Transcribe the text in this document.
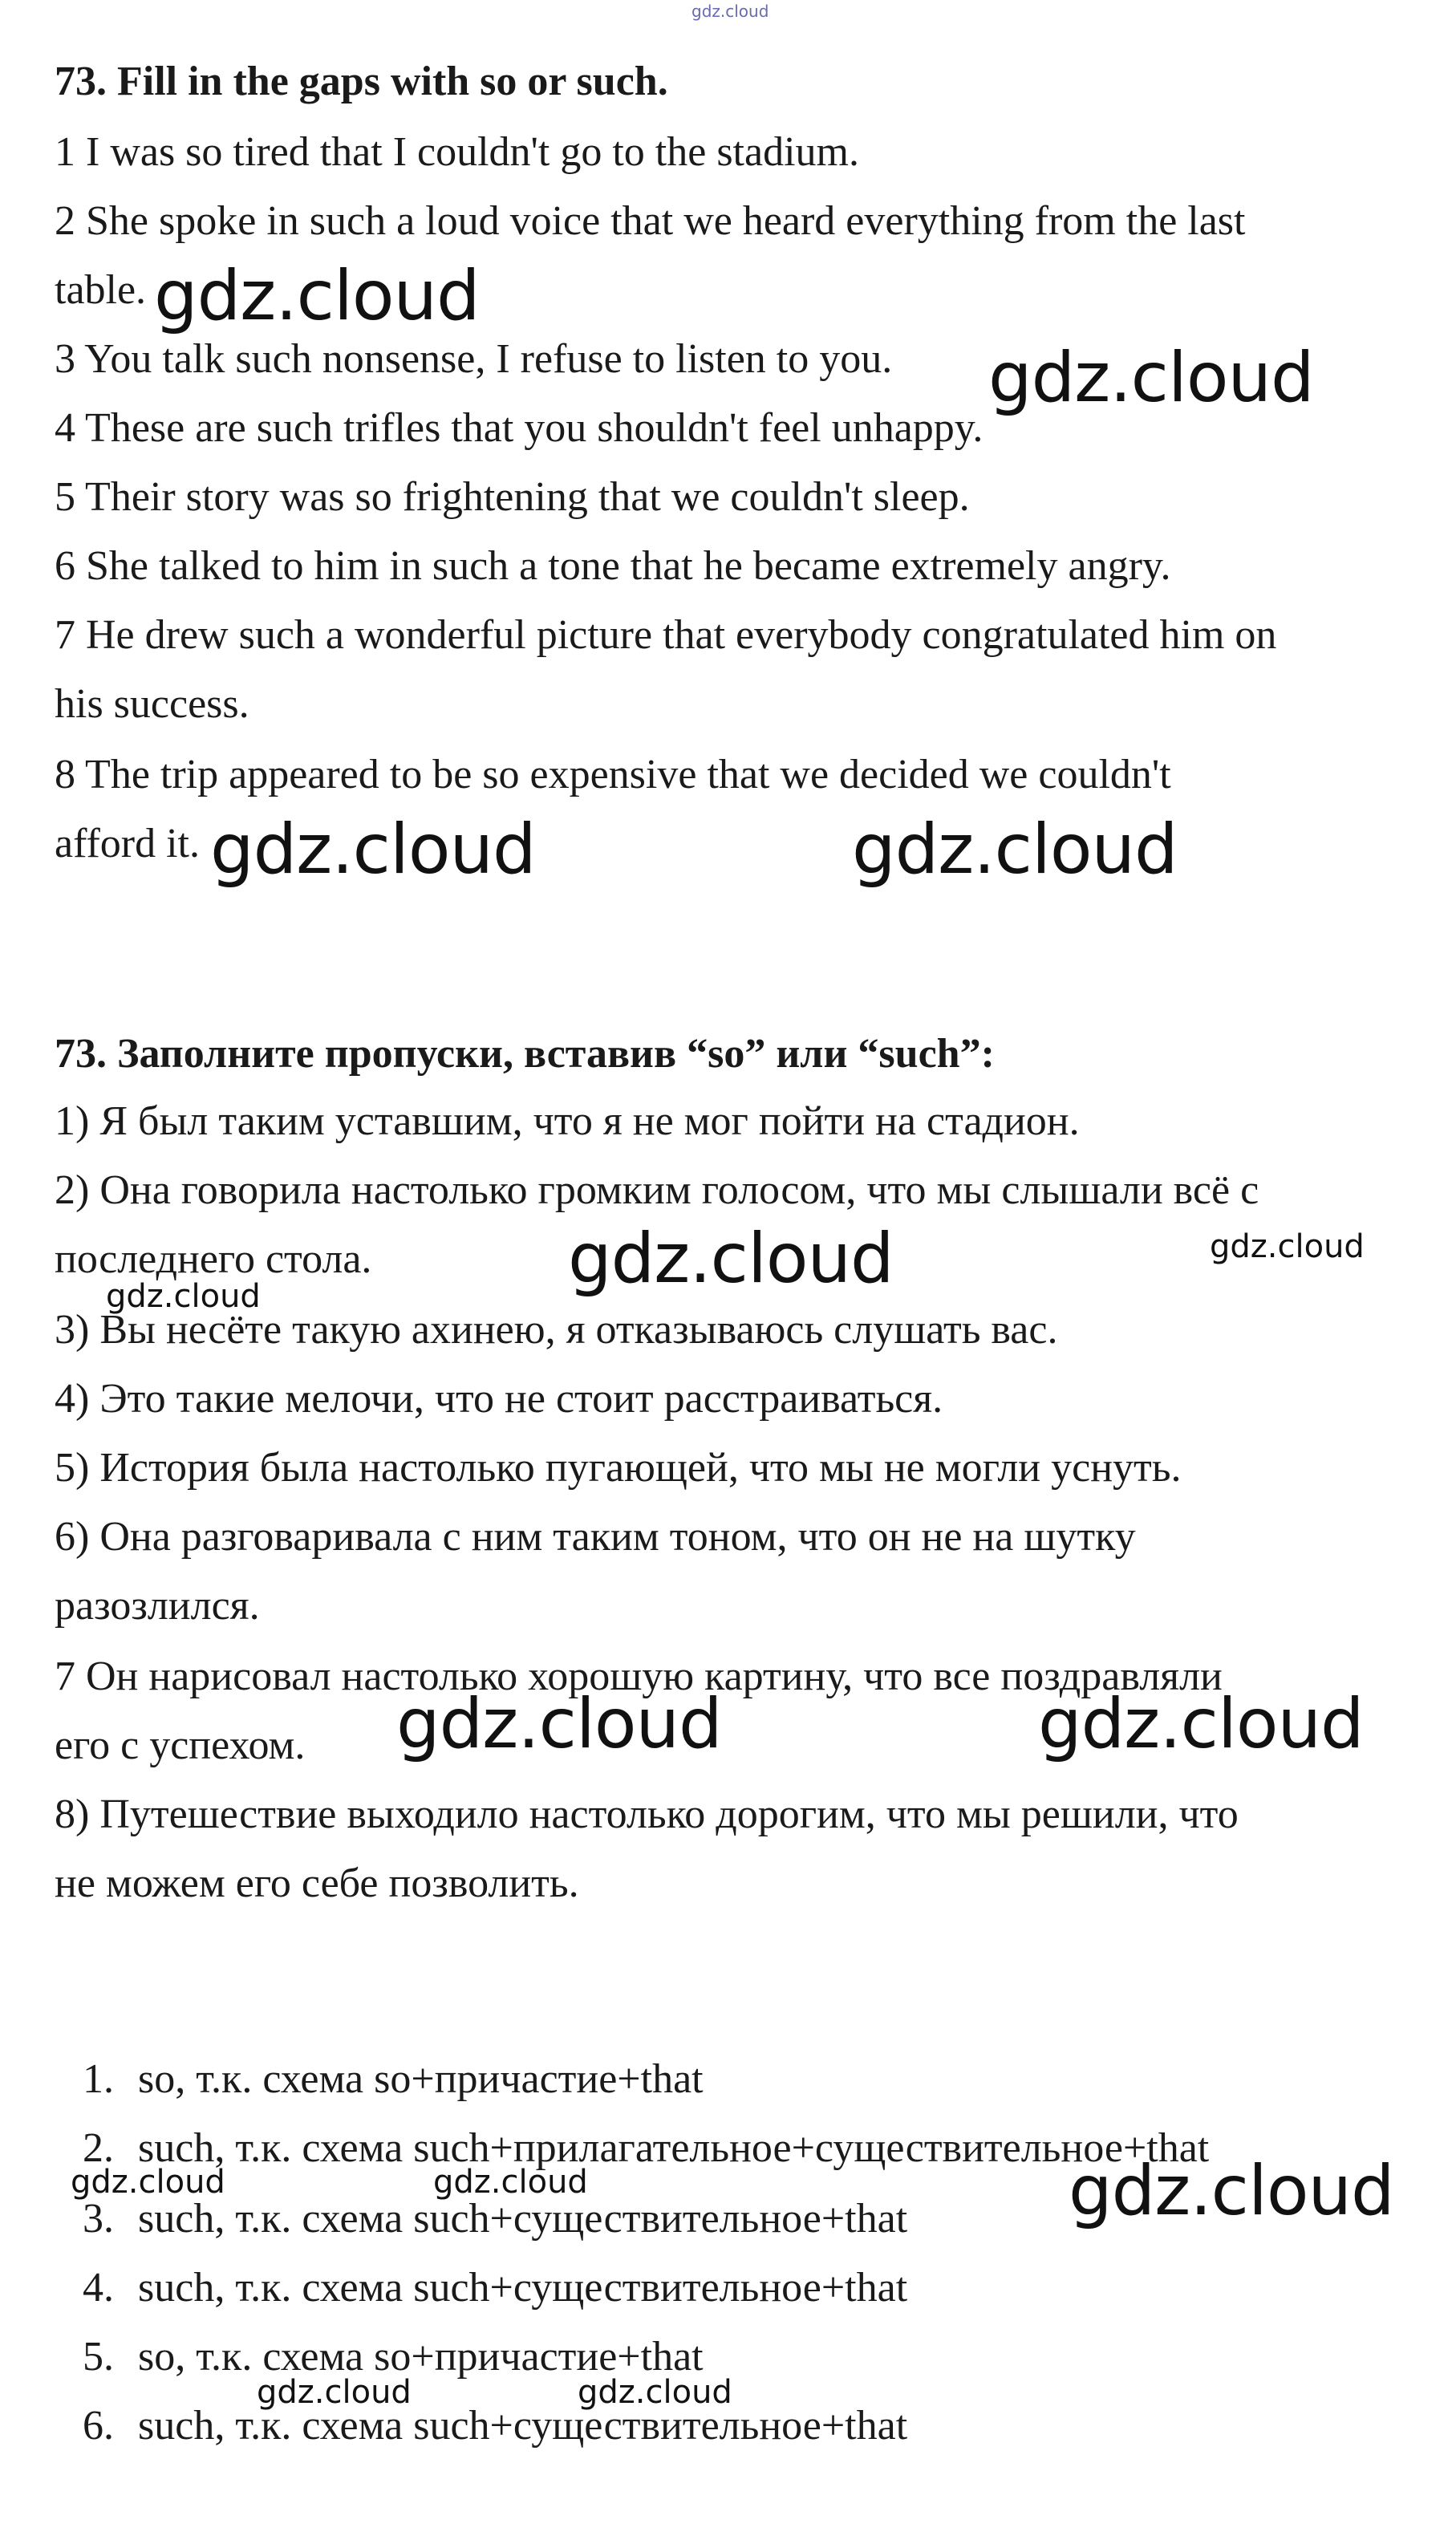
gdz.cloud
73. Fill in the gaps with so or such.
1 I was so tired that I couldn't go to the stadium.
2 She spoke in such a loud voice that we heard everything from the last
table.
3 You talk such nonsense, I refuse to listen to you.
4 These are such trifles that you shouldn't feel unhappy.
5 Their story was so frightening that we couldn't sleep.
6 She talked to him in such a tone that he became extremely angry.
7 He drew such a wonderful picture that everybody congratulated him on
his success.
8 The trip appeared to be so expensive that we decided we couldn't
afford it.
73. Заполните пропуски, вставив “so” или “such”:
1) Я был таким уставшим, что я не мог пойти на стадион.
2) Она говорила настолько громким голосом, что мы слышали всё с
последнего стола.
3) Вы несёте такую ахинею, я отказываюсь слушать вас.
4) Это такие мелочи, что не стоит расстраиваться.
5) История была настолько пугающей, что мы не могли уснуть.
6) Она разговаривала с ним таким тоном, что он не на шутку
разозлился.
7 Он нарисовал настолько хорошую картину, что все поздравляли
его с успехом.
8) Путешествие выходило настолько дорогим, что мы решили, что
не можем его себе позволить.
1. so, т.к. схема so+причастие+that
2. such, т.к. схема such+прилагательное+существительное+that
3. such, т.к. схема such+существительное+that
4. such, т.к. схема such+существительное+that
5. so, т.к. схема so+причастие+that
6. such, т.к. схема such+существительное+that
gdz.cloud
gdz.cloud
gdz.cloud	gdz.cloud
gdz.cloud	gdz.cloud
gdz.cloud
gdz.cloud	gdz.cloud
gdz.cloud	gdz.cloud	gdz.cloud
gdz.cloud	gdz.cloud
